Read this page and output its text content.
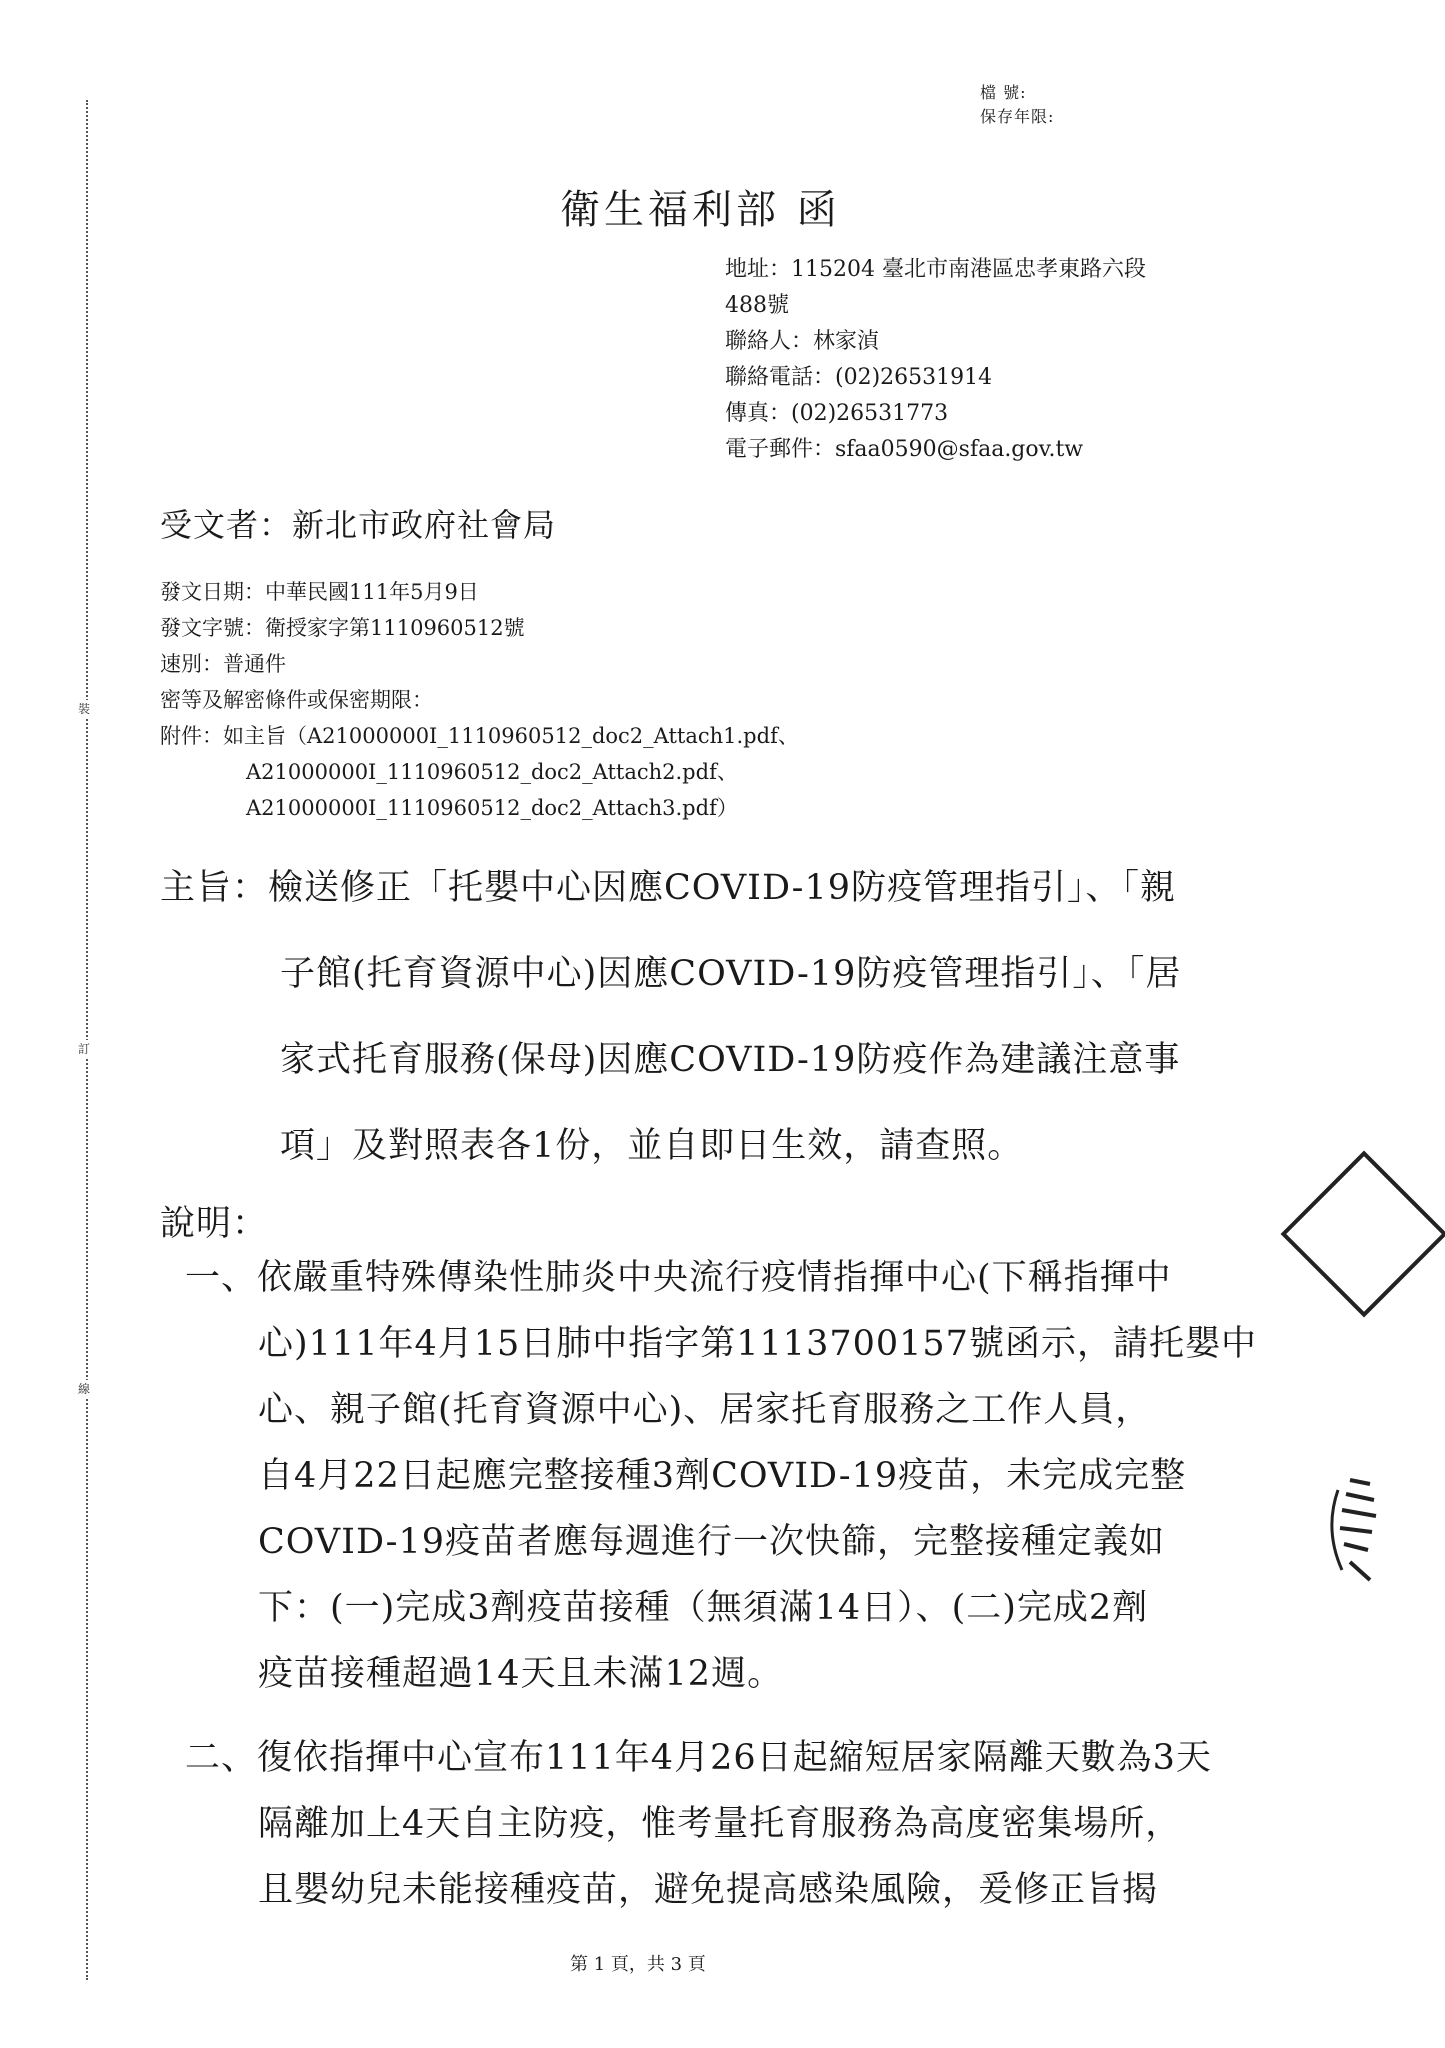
裝
訂
線
檔 號:
保存年限:
衛生福利部 函
地址：115204 臺北市南港區忠孝東路六段
488號
聯絡人：林家湞
聯絡電話：(02)26531914
傳真：(02)26531773
電子郵件：sfaa0590@sfaa.gov.tw
受文者：新北市政府社會局
發文日期：中華民國111年5月9日
發文字號：衛授家字第1110960512號
速別：普通件
密等及解密條件或保密期限：
附件：如主旨（A21000000I_1110960512_doc2_Attach1.pdf、
A21000000I_1110960512_doc2_Attach2.pdf、
A21000000I_1110960512_doc2_Attach3.pdf）
主旨：檢送修正「托嬰中心因應COVID-19防疫管理指引」、「親
子館(托育資源中心)因應COVID-19防疫管理指引」、「居
家式托育服務(保母)因應COVID-19防疫作為建議注意事
項」及對照表各1份，並自即日生效，請查照。
說明：
一、依嚴重特殊傳染性肺炎中央流行疫情指揮中心(下稱指揮中
心)111年4月15日肺中指字第1113700157號函示，請托嬰中
心、親子館(托育資源中心)、居家托育服務之工作人員，
自4月22日起應完整接種3劑COVID-19疫苗，未完成完整
COVID-19疫苗者應每週進行一次快篩，完整接種定義如
下：(一)完成3劑疫苗接種（無須滿14日）、(二)完成2劑
疫苗接種超過14天且未滿12週。
二、復依指揮中心宣布111年4月26日起縮短居家隔離天數為3天
第 1 頁，共 3 頁
隔離加上4天自主防疫，惟考量托育服務為高度密集場所，
且嬰幼兒未能接種疫苗，避免提高感染風險，爰修正旨揭
